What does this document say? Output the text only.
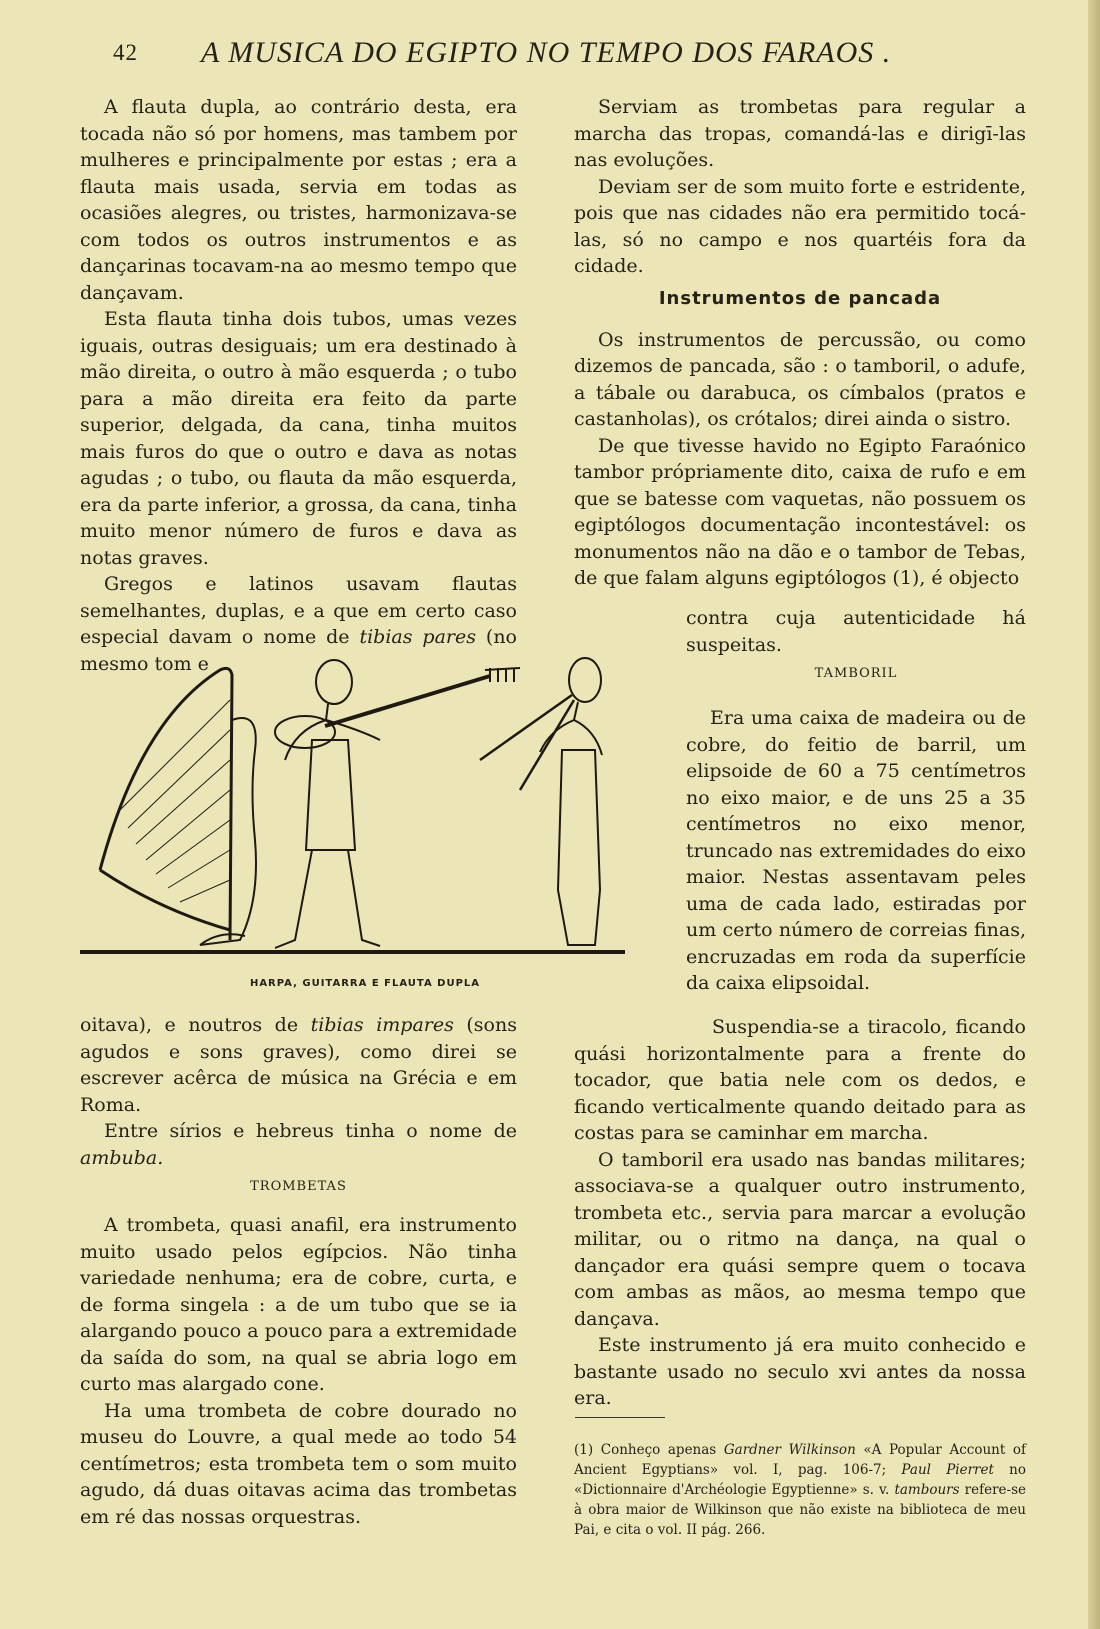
42 A MUSICA DO EGIPTO NO TEMPO DOS FARAOS .

A flauta dupla, ao contrário desta, era tocada não só por homens, mas tambem por mulheres e principalmente por estas ; era a flauta mais usada, servia em todas as ocasiões alegres, ou tristes, harmonizava-se com todos os outros instrumentos e as dançarinas tocavam-na ao mesmo tempo que dançavam.

Esta flauta tinha dois tubos, umas vezes iguais, outras desiguais; um era destinado à mão direita, o outro à mão esquerda ; o tubo para a mão direita era feito da parte superior, delgada, da cana, tinha muitos mais furos do que o outro e dava as notas agudas ; o tubo, ou flauta da mão esquerda, era da parte inferior, a grossa, da cana, tinha muito menor número de furos e dava as notas graves.

Gregos e latinos usavam flautas semelhantes, duplas, e a que em certo caso especial davam o nome de tibias pares (no mesmo tom e

HARPA, GUITARRA E FLAUTA DUPLA

oitava), e noutros de tibias impares (sons agudos e sons graves), como direi se escrever acêrca de música na Grécia e em Roma.

Entre sírios e hebreus tinha o nome de ambuba.

TROMBETAS

A trombeta, quasi anafil, era instrumento muito usado pelos egípcios. Não tinha variedade nenhuma; era de cobre, curta, e de forma singela : a de um tubo que se ia alargando pouco a pouco para a extremidade da saída do som, na qual se abria logo em curto mas alargado cone.

Ha uma trombeta de cobre dourado no museu do Louvre, a qual mede ao todo 54 centímetros; esta trombeta tem o som muito agudo, dá duas oitavas acima das trombetas em ré das nossas orquestras.

Serviam as trombetas para regular a marcha das tropas, comandá-las e dirigī-las nas evoluções.

Deviam ser de som muito forte e estridente, pois que nas cidades não era permitido tocá-las, só no campo e nos quartéis fora da cidade.

Instrumentos de pancada

Os instrumentos de percussão, ou como dizemos de pancada, são : o tamboril, o adufe, a tábale ou darabuca, os címbalos (pratos e castanholas), os crótalos; direi ainda o sistro.

De que tivesse havido no Egipto Faraónico tambor própriamente dito, caixa de rufo e em que se batesse com vaquetas, não possuem os egiptólogos documentação incontestável: os monumentos não na dão e o tambor de Tebas, de que falam alguns egiptólogos (1), é objecto

contra cuja autenticidade há suspeitas.

TAMBORIL

Era uma caixa de madeira ou de cobre, do feitio de barril, um elipsoide de 60 a 75 centímetros no eixo maior, e de uns 25 a 35 centímetros no eixo menor, truncado nas extremidades do eixo maior. Nestas assentavam peles uma de cada lado, estiradas por um certo número de correias finas, encruzadas em roda da superfície da caixa elipsoidal.

Suspendia-se a tiracolo, ficando quási horizontalmente para a frente do tocador, que batia nele com os dedos, e ficando verticalmente quando deitado para as costas para se caminhar em marcha.

O tamboril era usado nas bandas militares; associava-se a qualquer outro instrumento, trombeta etc., servia para marcar a evolução militar, ou o ritmo na dança, na qual o dançador era quási sempre quem o tocava com ambas as mãos, ao mesma tempo que dançava.

Este instrumento já era muito conhecido e bastante usado no seculo xvi antes da nossa era.

(1) Conheço apenas Gardner Wilkinson «A Popular Account of Ancient Egyptians» vol. I, pag. 106-7; Paul Pierret no «Dictionnaire d'Archéologie Egyptienne» s. v. tambours refere-se à obra maior de Wilkinson que não existe na biblioteca de meu Pai, e cita o vol. II pág. 266.
